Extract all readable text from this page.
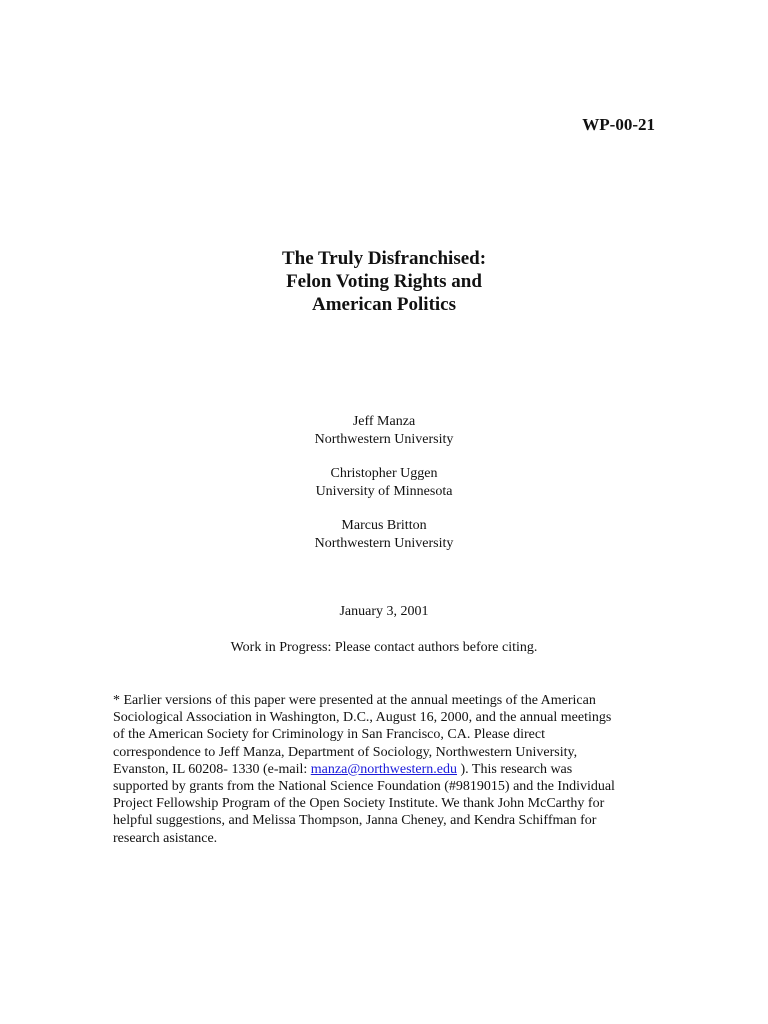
WP-00-21
The Truly Disfranchised:
Felon Voting Rights and
American Politics
Jeff Manza
Northwestern University
Christopher Uggen
University of Minnesota
Marcus Britton
Northwestern University
January 3, 2001
Work in Progress: Please contact authors before citing.
* Earlier versions of this paper were presented at the annual meetings of the American
Sociological Association in Washington, D.C., August 16, 2000, and the annual meetings
of the American Society for Criminology in San Francisco, CA. Please direct
correspondence to Jeff Manza, Department of Sociology, Northwestern University,
Evanston, IL 60208- 1330 (e-mail: manza@northwestern.edu ). This research was
supported by grants from the National Science Foundation (#9819015) and the Individual
Project Fellowship Program of the Open Society Institute. We thank John McCarthy for
helpful suggestions, and Melissa Thompson, Janna Cheney, and Kendra Schiffman for
research asistance.
